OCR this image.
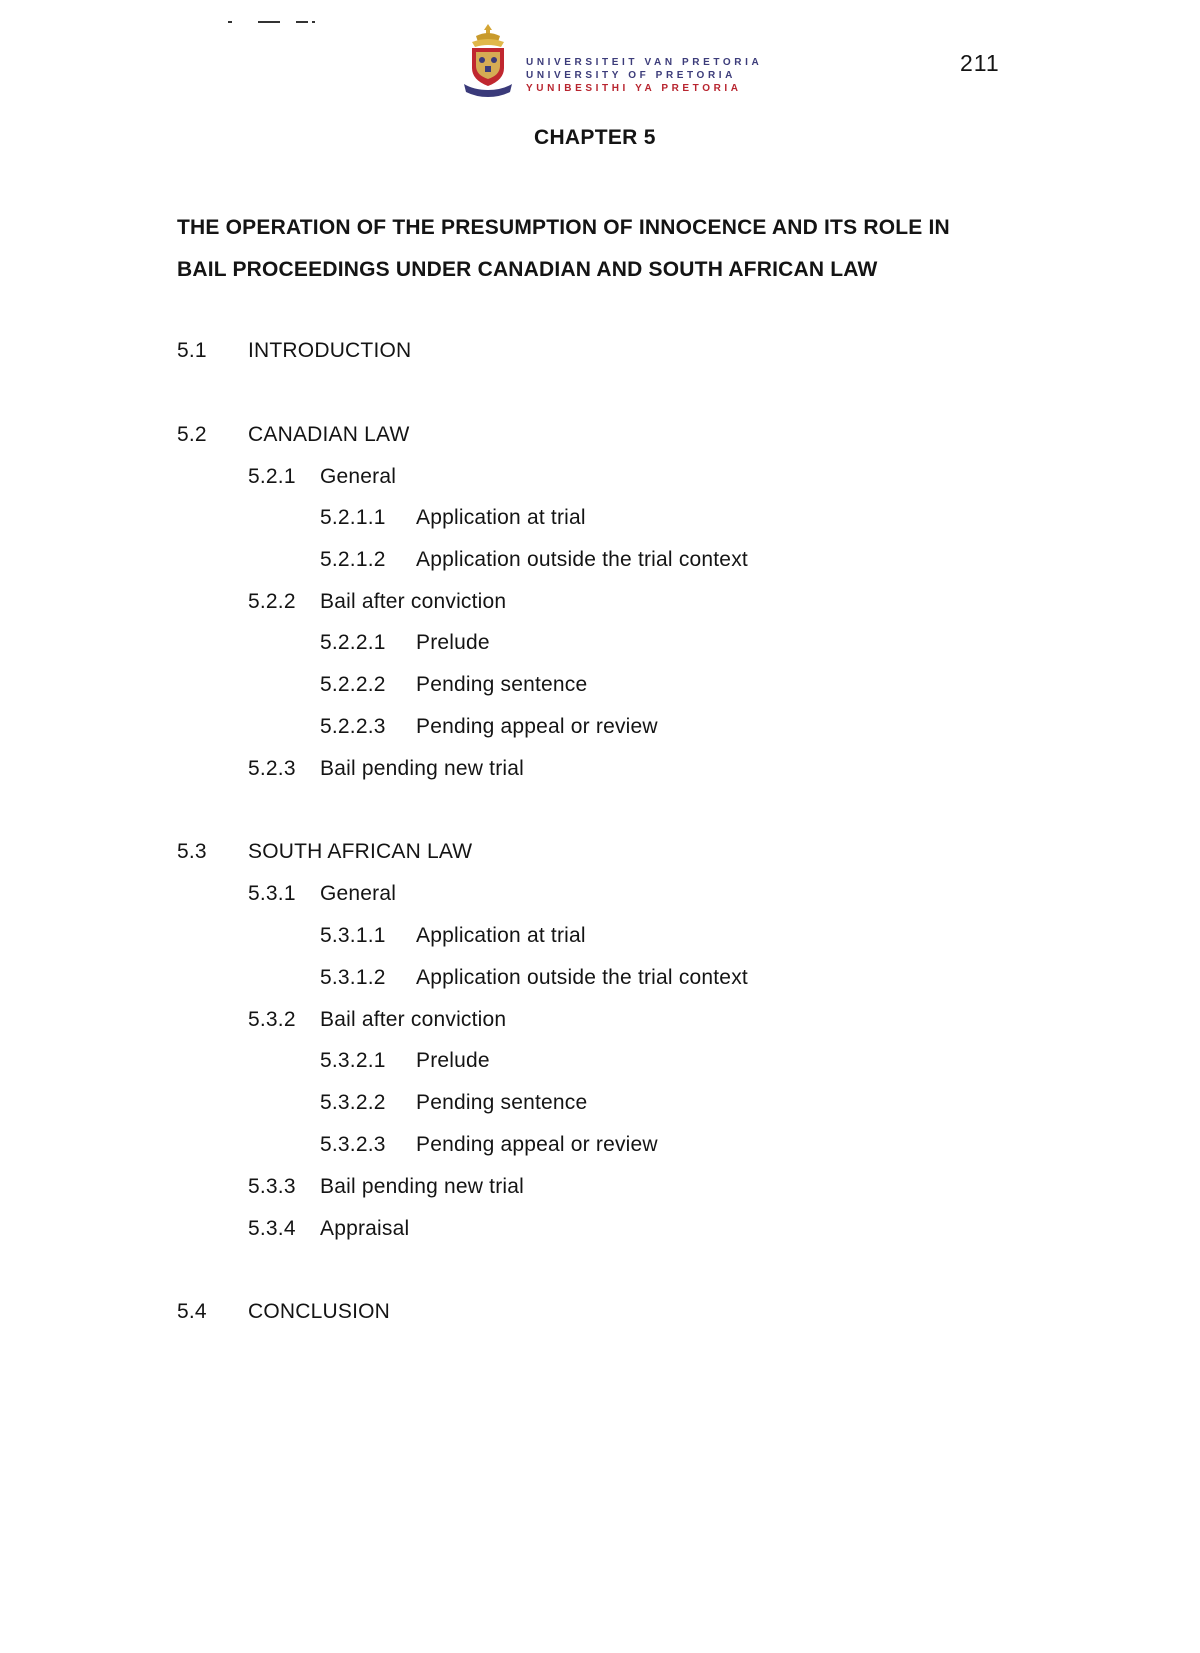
UNIVERSITEIT VAN PRETORIA
UNIVERSITY OF PRETORIA
YUNIBESITHI YA PRETORIA
211
CHAPTER 5
THE OPERATION OF THE PRESUMPTION OF INNOCENCE AND ITS ROLE IN
BAIL PROCEEDINGS UNDER CANADIAN AND SOUTH AFRICAN LAW
5.1 INTRODUCTION
5.2 CANADIAN LAW
5.2.1 General
5.2.1.1 Application at trial
5.2.1.2 Application outside the trial context
5.2.2 Bail after conviction
5.2.2.1 Prelude
5.2.2.2 Pending sentence
5.2.2.3 Pending appeal or review
5.2.3 Bail pending new trial
5.3 SOUTH AFRICAN LAW
5.3.1 General
5.3.1.1 Application at trial
5.3.1.2 Application outside the trial context
5.3.2 Bail after conviction
5.3.2.1 Prelude
5.3.2.2 Pending sentence
5.3.2.3 Pending appeal or review
5.3.3 Bail pending new trial
5.3.4 Appraisal
5.4 CONCLUSION
